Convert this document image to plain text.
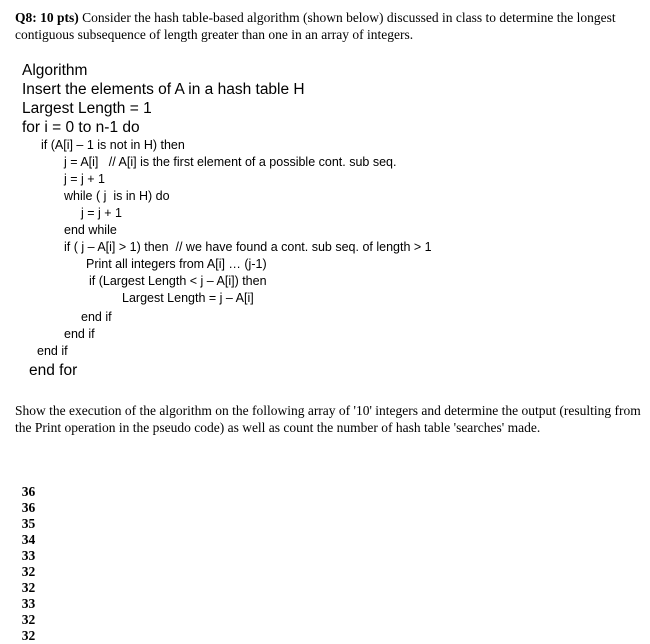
Q8: 10 pts) Consider the hash table-based algorithm (shown below) discussed in class to determine the longest contiguous subsequence of length greater than one in an array of integers.
Algorithm
Insert the elements of A in a hash table H
Largest Length = 1
for i = 0 to n-1 do
if (A[i] – 1 is not in H) then
j = A[i]   // A[i] is the first element of a possible cont. sub seq.
j = j + 1
while ( j  is in H) do
j = j + 1
end while
if ( j – A[i] > 1) then  // we have found a cont. sub seq. of length > 1
Print all integers from A[i] … (j-1)
if (Largest Length < j – A[i]) then
Largest Length = j – A[i]
end if
end if
end if
end for
Show the execution of the algorithm on the following array of '10' integers and determine the output (resulting from the Print operation in the pseudo code) as well as count the number of hash table 'searches' made.

36
36
35
34
33
32
32
33
32
32
